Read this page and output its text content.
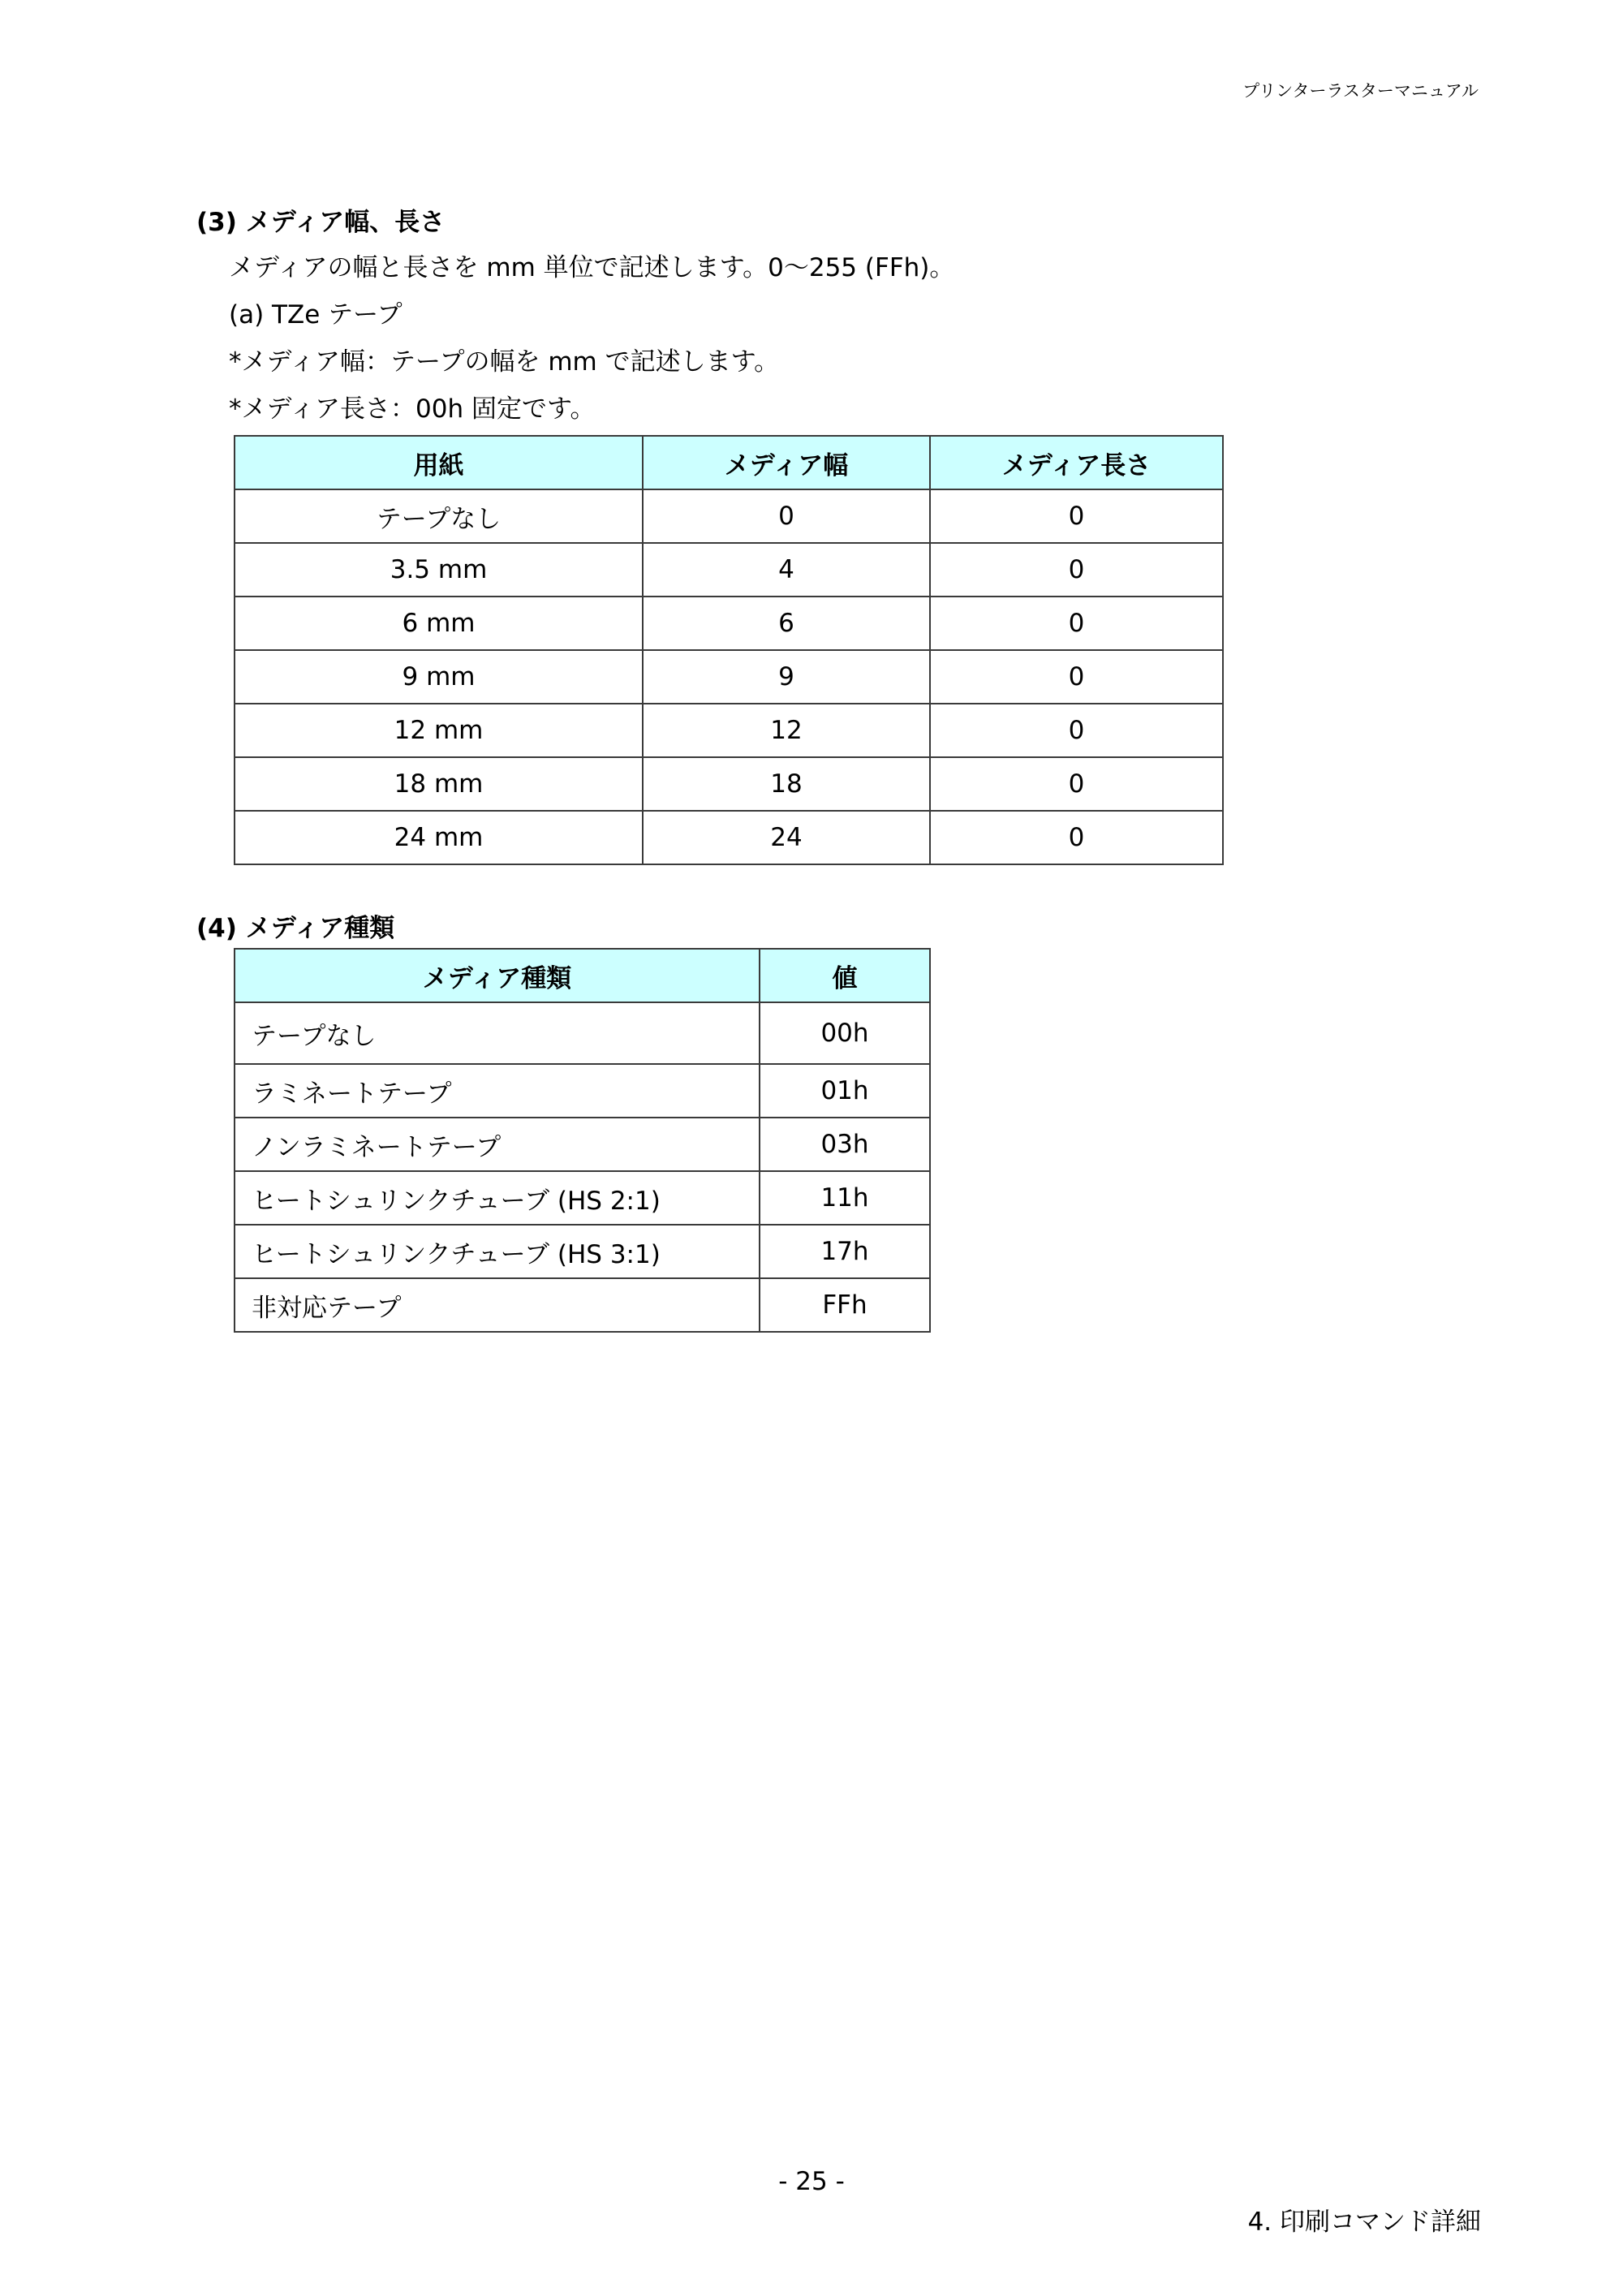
プリンターラスターマニュアル
(3) メディア幅、長さ
メディアの幅と長さを mm 単位で記述します。0〜255 (FFh)。
(a) TZe テープ
*メディア幅：テープの幅を mm で記述します。
*メディア長さ：00h 固定です。
用紙	メディア幅	メディア長さ
テープなし	0	0
3.5 mm	4	0
6 mm	6	0
9 mm	9	0
12 mm	12	0
18 mm	18	0
24 mm	24	0
(4) メディア種類
メディア種類	値
テープなし	00h
ラミネートテープ	01h
ノンラミネートテープ	03h
ヒートシュリンクチューブ (HS 2:1)	11h
ヒートシュリンクチューブ (HS 3:1)	17h
非対応テープ	FFh
- 25 -
4. 印刷コマンド詳細
